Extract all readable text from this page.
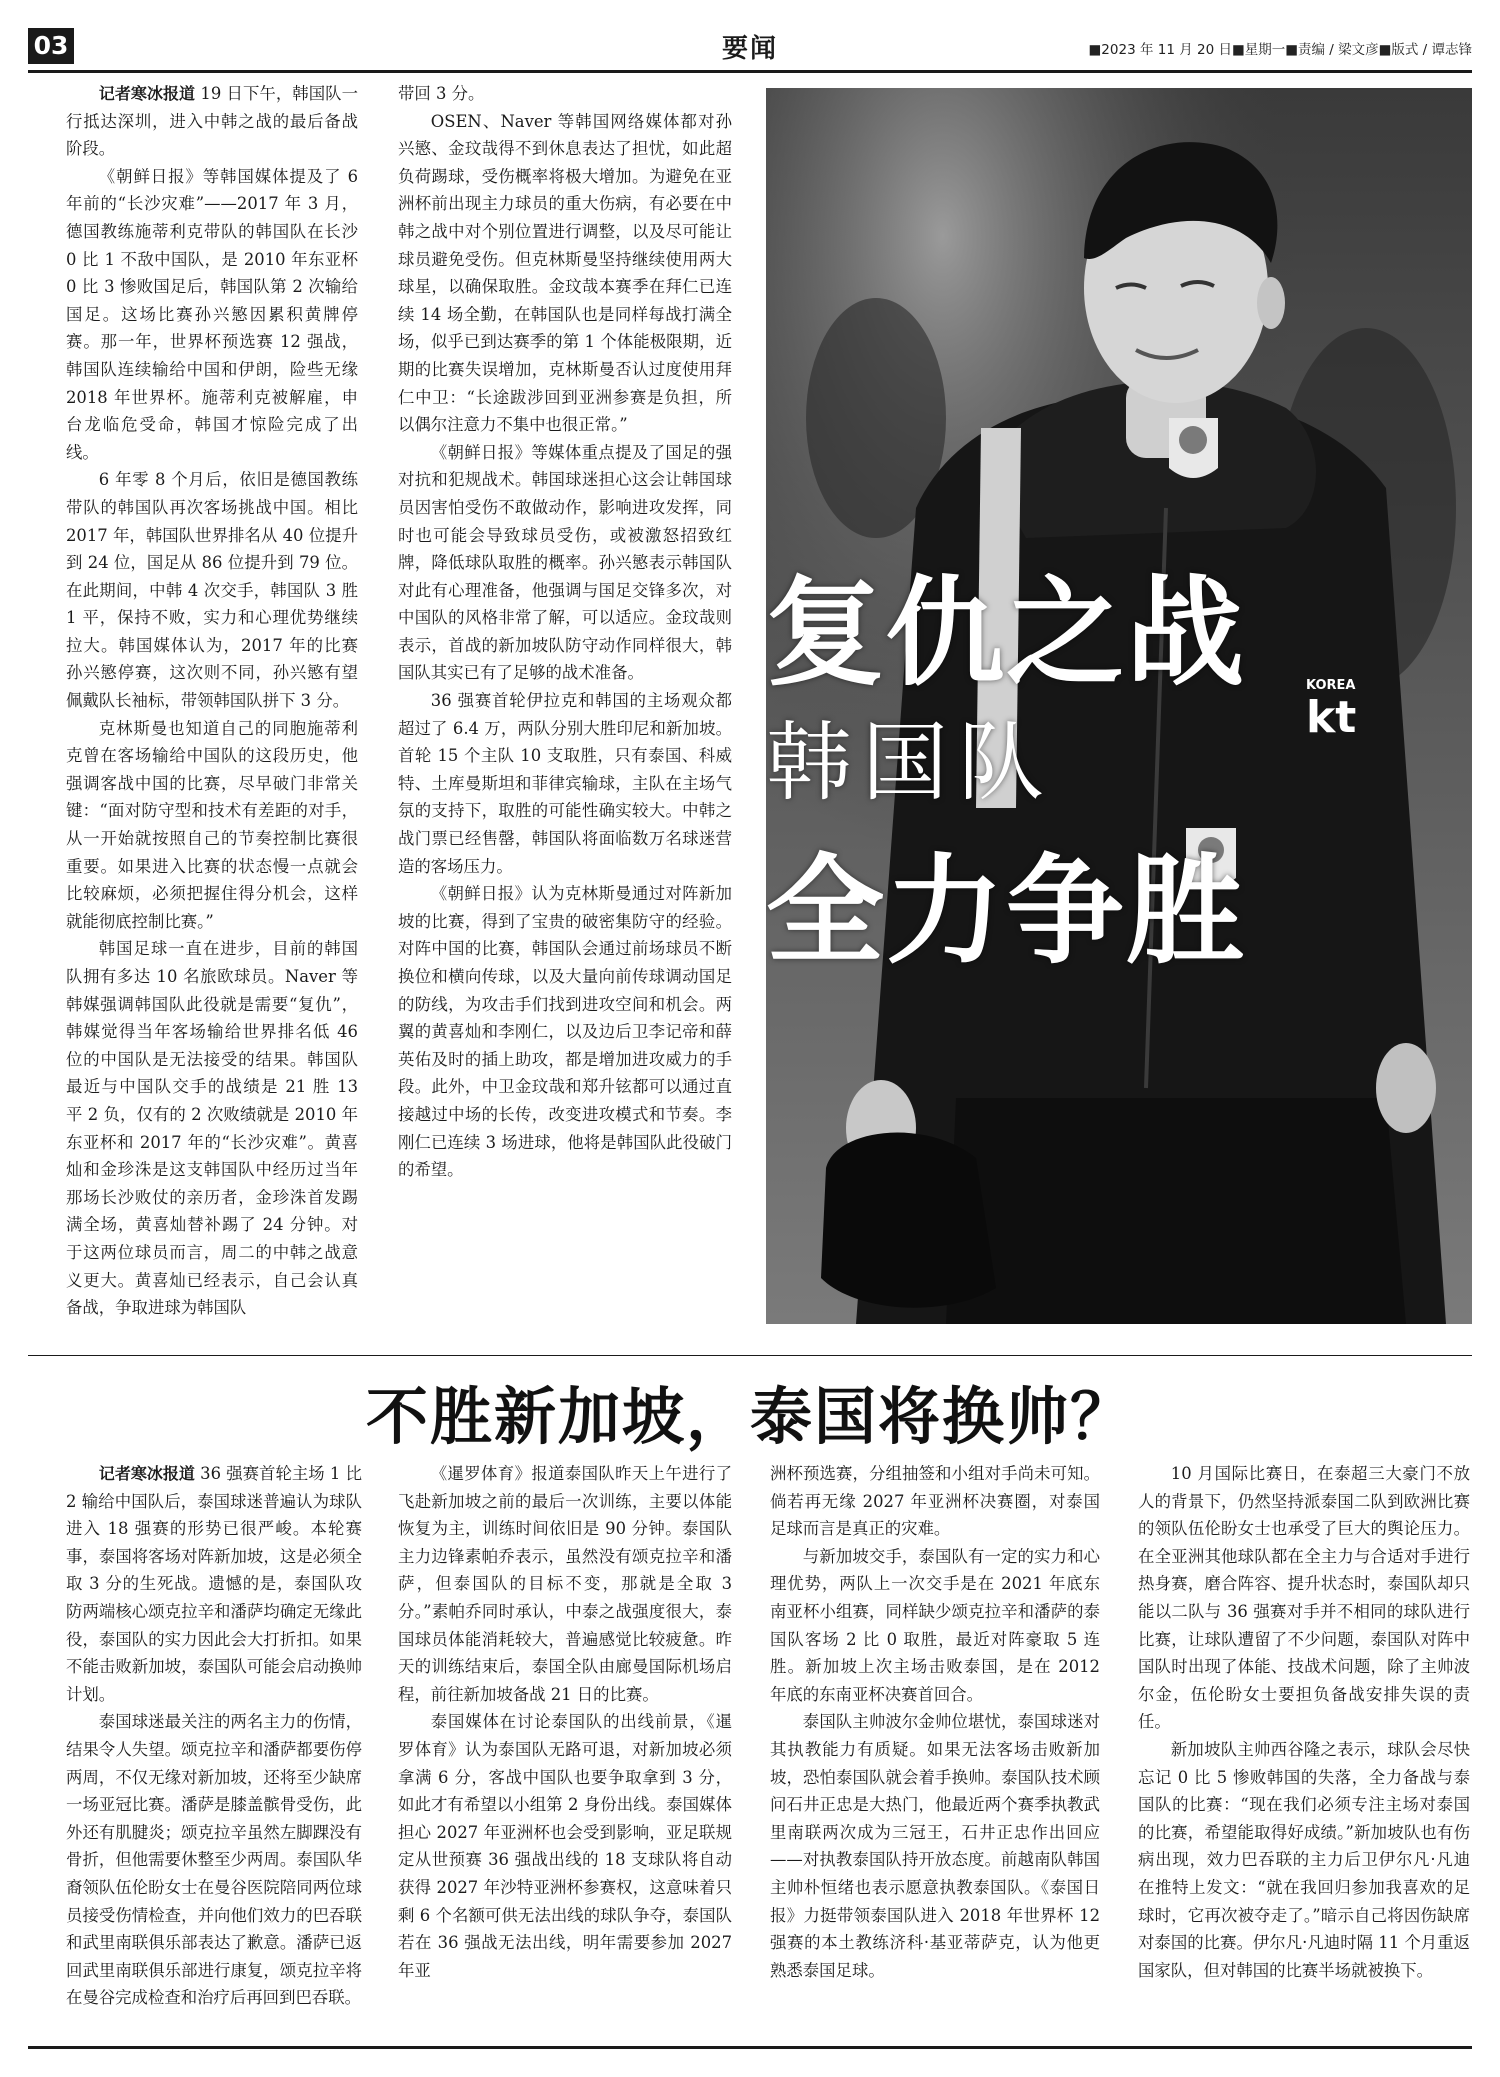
03	要闻	■2023 年 11 月 20 日■星期一■责编 / 梁文彦■版式 / 谭志锋

记者寒冰报道 19 日下午，韩国队一行抵达深圳，进入中韩之战的最后备战阶段。

《朝鲜日报》等韩国媒体提及了 6 年前的“长沙灾难”——2017 年 3 月，德国教练施蒂利克带队的韩国队在长沙 0 比 1 不敌中国队，是 2010 年东亚杯 0 比 3 惨败国足后，韩国队第 2 次输给国足。这场比赛孙兴慜因累积黄牌停赛。那一年，世界杯预选赛 12 强战，韩国队连续输给中国和伊朗，险些无缘 2018 年世界杯。施蒂利克被解雇，申台龙临危受命，韩国才惊险完成了出线。

6 年零 8 个月后，依旧是德国教练带队的韩国队再次客场挑战中国。相比 2017 年，韩国队世界排名从 40 位提升到 24 位，国足从 86 位提升到 79 位。在此期间，中韩 4 次交手，韩国队 3 胜 1 平，保持不败，实力和心理优势继续拉大。韩国媒体认为，2017 年的比赛孙兴慜停赛，这次则不同，孙兴慜有望佩戴队长袖标，带领韩国队拼下 3 分。

克林斯曼也知道自己的同胞施蒂利克曾在客场输给中国队的这段历史，他强调客战中国的比赛，尽早破门非常关键：“面对防守型和技术有差距的对手，从一开始就按照自己的节奏控制比赛很重要。如果进入比赛的状态慢一点就会比较麻烦，必须把握住得分机会，这样就能彻底控制比赛。”

韩国足球一直在进步，目前的韩国队拥有多达 10 名旅欧球员。Naver 等韩媒强调韩国队此役就是需要“复仇”，韩媒觉得当年客场输给世界排名低 46 位的中国队是无法接受的结果。韩国队最近与中国队交手的战绩是 21 胜 13 平 2 负，仅有的 2 次败绩就是 2010 年东亚杯和 2017 年的“长沙灾难”。黄喜灿和金珍洙是这支韩国队中经历过当年那场长沙败仗的亲历者，金珍洙首发踢满全场，黄喜灿替补踢了 24 分钟。对于这两位球员而言，周二的中韩之战意义更大。黄喜灿已经表示，自己会认真备战，争取进球为韩国队

带回 3 分。

OSEN、Naver 等韩国网络媒体都对孙兴慜、金玟哉得不到休息表达了担忧，如此超负荷踢球，受伤概率将极大增加。为避免在亚洲杯前出现主力球员的重大伤病，有必要在中韩之战中对个别位置进行调整，以及尽可能让球员避免受伤。但克林斯曼坚持继续使用两大球星，以确保取胜。金玟哉本赛季在拜仁已连续 14 场全勤，在韩国队也是同样每战打满全场，似乎已到达赛季的第 1 个体能极限期，近期的比赛失误增加，克林斯曼否认过度使用拜仁中卫：“长途跋涉回到亚洲参赛是负担，所以偶尔注意力不集中也很正常。”

《朝鲜日报》等媒体重点提及了国足的强对抗和犯规战术。韩国球迷担心这会让韩国球员因害怕受伤不敢做动作，影响进攻发挥，同时也可能会导致球员受伤，或被激怒招致红牌，降低球队取胜的概率。孙兴慜表示韩国队对此有心理准备，他强调与国足交锋多次，对中国队的风格非常了解，可以适应。金玟哉则表示，首战的新加坡队防守动作同样很大，韩国队其实已有了足够的战术准备。

36 强赛首轮伊拉克和韩国的主场观众都超过了 6.4 万，两队分别大胜印尼和新加坡。首轮 15 个主队 10 支取胜，只有泰国、科威特、土库曼斯坦和菲律宾输球，主队在主场气氛的支持下，取胜的可能性确实较大。中韩之战门票已经售罄，韩国队将面临数万名球迷营造的客场压力。

《朝鲜日报》认为克林斯曼通过对阵新加坡的比赛，得到了宝贵的破密集防守的经验。对阵中国的比赛，韩国队会通过前场球员不断换位和横向传球，以及大量向前传球调动国足的防线，为攻击手们找到进攻空间和机会。两翼的黄喜灿和李刚仁，以及边后卫李记帝和薛英佑及时的插上助攻，都是增加进攻威力的手段。此外，中卫金玟哉和郑升铉都可以通过直接越过中场的长传，改变进攻模式和节奏。李刚仁已连续 3 场进球，他将是韩国队此役破门的希望。

复仇之战
韩国队
全力争胜
KOREA
kt
不胜新加坡，泰国将换帅？

记者寒冰报道 36 强赛首轮主场 1 比 2 输给中国队后，泰国球迷普遍认为球队进入 18 强赛的形势已很严峻。本轮赛事，泰国将客场对阵新加坡，这是必须全取 3 分的生死战。遗憾的是，泰国队攻防两端核心颂克拉辛和潘萨均确定无缘此役，泰国队的实力因此会大打折扣。如果不能击败新加坡，泰国队可能会启动换帅计划。

泰国球迷最关注的两名主力的伤情，结果令人失望。颂克拉辛和潘萨都要伤停两周，不仅无缘对新加坡，还将至少缺席一场亚冠比赛。潘萨是膝盖髌骨受伤，此外还有肌腱炎；颂克拉辛虽然左脚踝没有骨折，但他需要休整至少两周。泰国队华裔领队伍伦盼女士在曼谷医院陪同两位球员接受伤情检查，并向他们效力的巴吞联和武里南联俱乐部表达了歉意。潘萨已返回武里南联俱乐部进行康复，颂克拉辛将在曼谷完成检查和治疗后再回到巴吞联。

《暹罗体育》报道泰国队昨天上午进行了飞赴新加坡之前的最后一次训练，主要以体能恢复为主，训练时间依旧是 90 分钟。泰国队主力边锋素帕乔表示，虽然没有颂克拉辛和潘萨，但泰国队的目标不变，那就是全取 3 分。”素帕乔同时承认，中泰之战强度很大，泰国球员体能消耗较大，普遍感觉比较疲惫。昨天的训练结束后，泰国全队由廊曼国际机场启程，前往新加坡备战 21 日的比赛。

泰国媒体在讨论泰国队的出线前景，《暹罗体育》认为泰国队无路可退，对新加坡必须拿满 6 分，客战中国队也要争取拿到 3 分，如此才有希望以小组第 2 身份出线。泰国媒体担心 2027 年亚洲杯也会受到影响，亚足联规定从世预赛 36 强战出线的 18 支球队将自动获得 2027 年沙特亚洲杯参赛权，这意味着只剩 6 个名额可供无法出线的球队争夺，泰国队若在 36 强战无法出线，明年需要参加 2027 年亚

洲杯预选赛，分组抽签和小组对手尚未可知。倘若再无缘 2027 年亚洲杯决赛圈，对泰国足球而言是真正的灾难。

与新加坡交手，泰国队有一定的实力和心理优势，两队上一次交手是在 2021 年底东南亚杯小组赛，同样缺少颂克拉辛和潘萨的泰国队客场 2 比 0 取胜，最近对阵豪取 5 连胜。新加坡上次主场击败泰国，是在 2012 年底的东南亚杯决赛首回合。

泰国队主帅波尔金帅位堪忧，泰国球迷对其执教能力有质疑。如果无法客场击败新加坡，恐怕泰国队就会着手换帅。泰国队技术顾问石井正忠是大热门，他最近两个赛季执教武里南联两次成为三冠王，石井正忠作出回应——对执教泰国队持开放态度。前越南队韩国主帅朴恒绪也表示愿意执教泰国队。《泰国日报》力挺带领泰国队进入 2018 年世界杯 12 强赛的本土教练济科·基亚蒂萨克，认为他更熟悉泰国足球。

10 月国际比赛日，在泰超三大豪门不放人的背景下，仍然坚持派泰国二队到欧洲比赛的领队伍伦盼女士也承受了巨大的舆论压力。在全亚洲其他球队都在全主力与合适对手进行热身赛，磨合阵容、提升状态时，泰国队却只能以二队与 36 强赛对手并不相同的球队进行比赛，让球队遭留了不少问题，泰国队对阵中国队时出现了体能、技战术问题，除了主帅波尔金，伍伦盼女士要担负备战安排失误的责任。

新加坡队主帅西谷隆之表示，球队会尽快忘记 0 比 5 惨败韩国的失落，全力备战与泰国队的比赛：“现在我们必须专注主场对泰国的比赛，希望能取得好成绩。”新加坡队也有伤病出现，效力巴吞联的主力后卫伊尔凡·凡迪在推特上发文：“就在我回归参加我喜欢的足球时，它再次被夺走了。”暗示自己将因伤缺席对泰国的比赛。伊尔凡·凡迪时隔 11 个月重返国家队，但对韩国的比赛半场就被换下。
